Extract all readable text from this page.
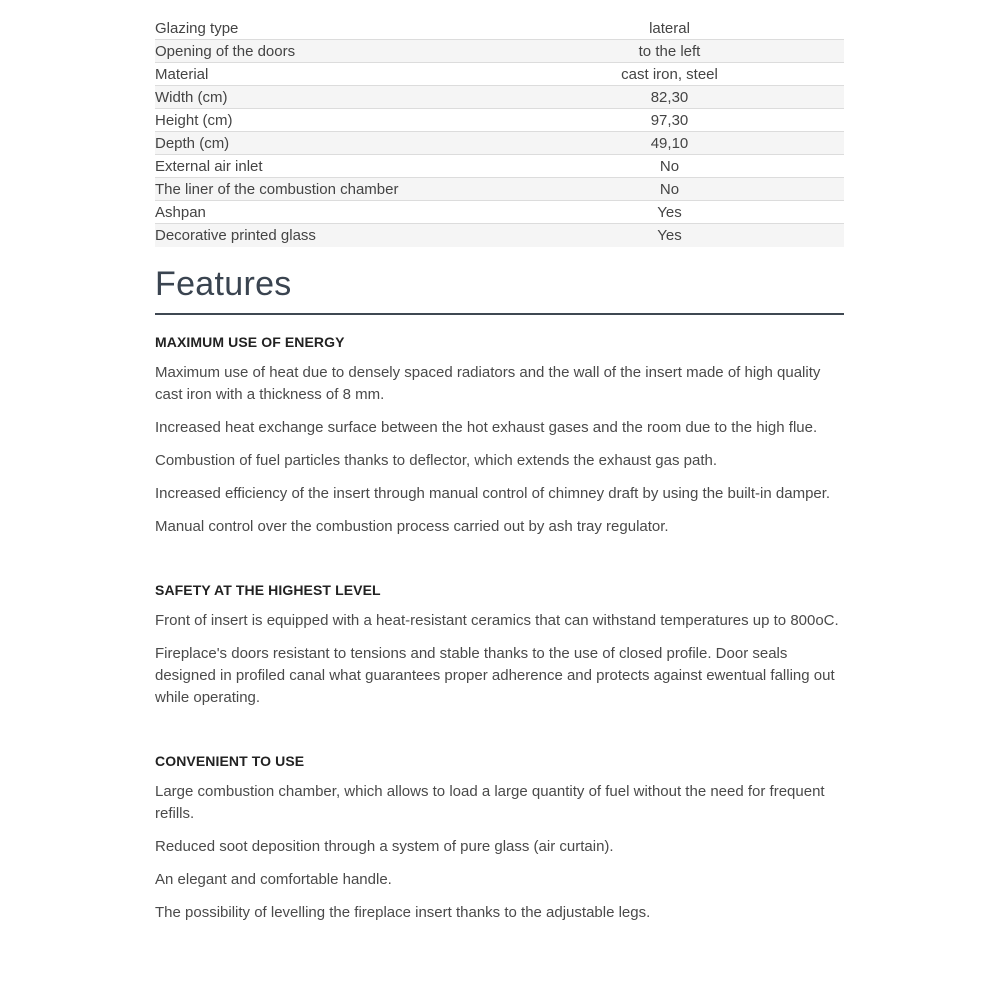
Glazing type	lateral
Opening of the doors	to the left
Material	cast iron, steel
Width (cm)	82,30
Height (cm)	97,30
Depth (cm)	49,10
External air inlet	No
The liner of the combustion chamber	No
Ashpan	Yes
Decorative printed glass	Yes
Features
MAXIMUM USE OF ENERGY

Maximum use of heat due to densely spaced radiators and the wall of the insert made of high quality cast iron with a thickness of 8 mm.

Increased heat exchange surface between the hot exhaust gases and the room due to the high flue.

Combustion of fuel particles thanks to deflector, which extends the exhaust gas path.

Increased efficiency of the insert through manual control of chimney draft by using the built-in damper.

Manual control over the combustion process carried out by ash tray regulator.

SAFETY AT THE HIGHEST LEVEL

Front of insert is equipped with a heat-resistant ceramics that can withstand temperatures up to 800oC.

Fireplace's doors resistant to tensions and stable thanks to the use of closed profile. Door seals designed in profiled canal what guarantees proper adherence and protects against ewentual falling out while operating.

CONVENIENT TO USE

Large combustion chamber, which allows to load a large quantity of fuel without the need for frequent refills.

Reduced soot deposition through a system of pure glass (air curtain).

An elegant and comfortable handle.

The possibility of levelling the fireplace insert thanks to the adjustable legs.
